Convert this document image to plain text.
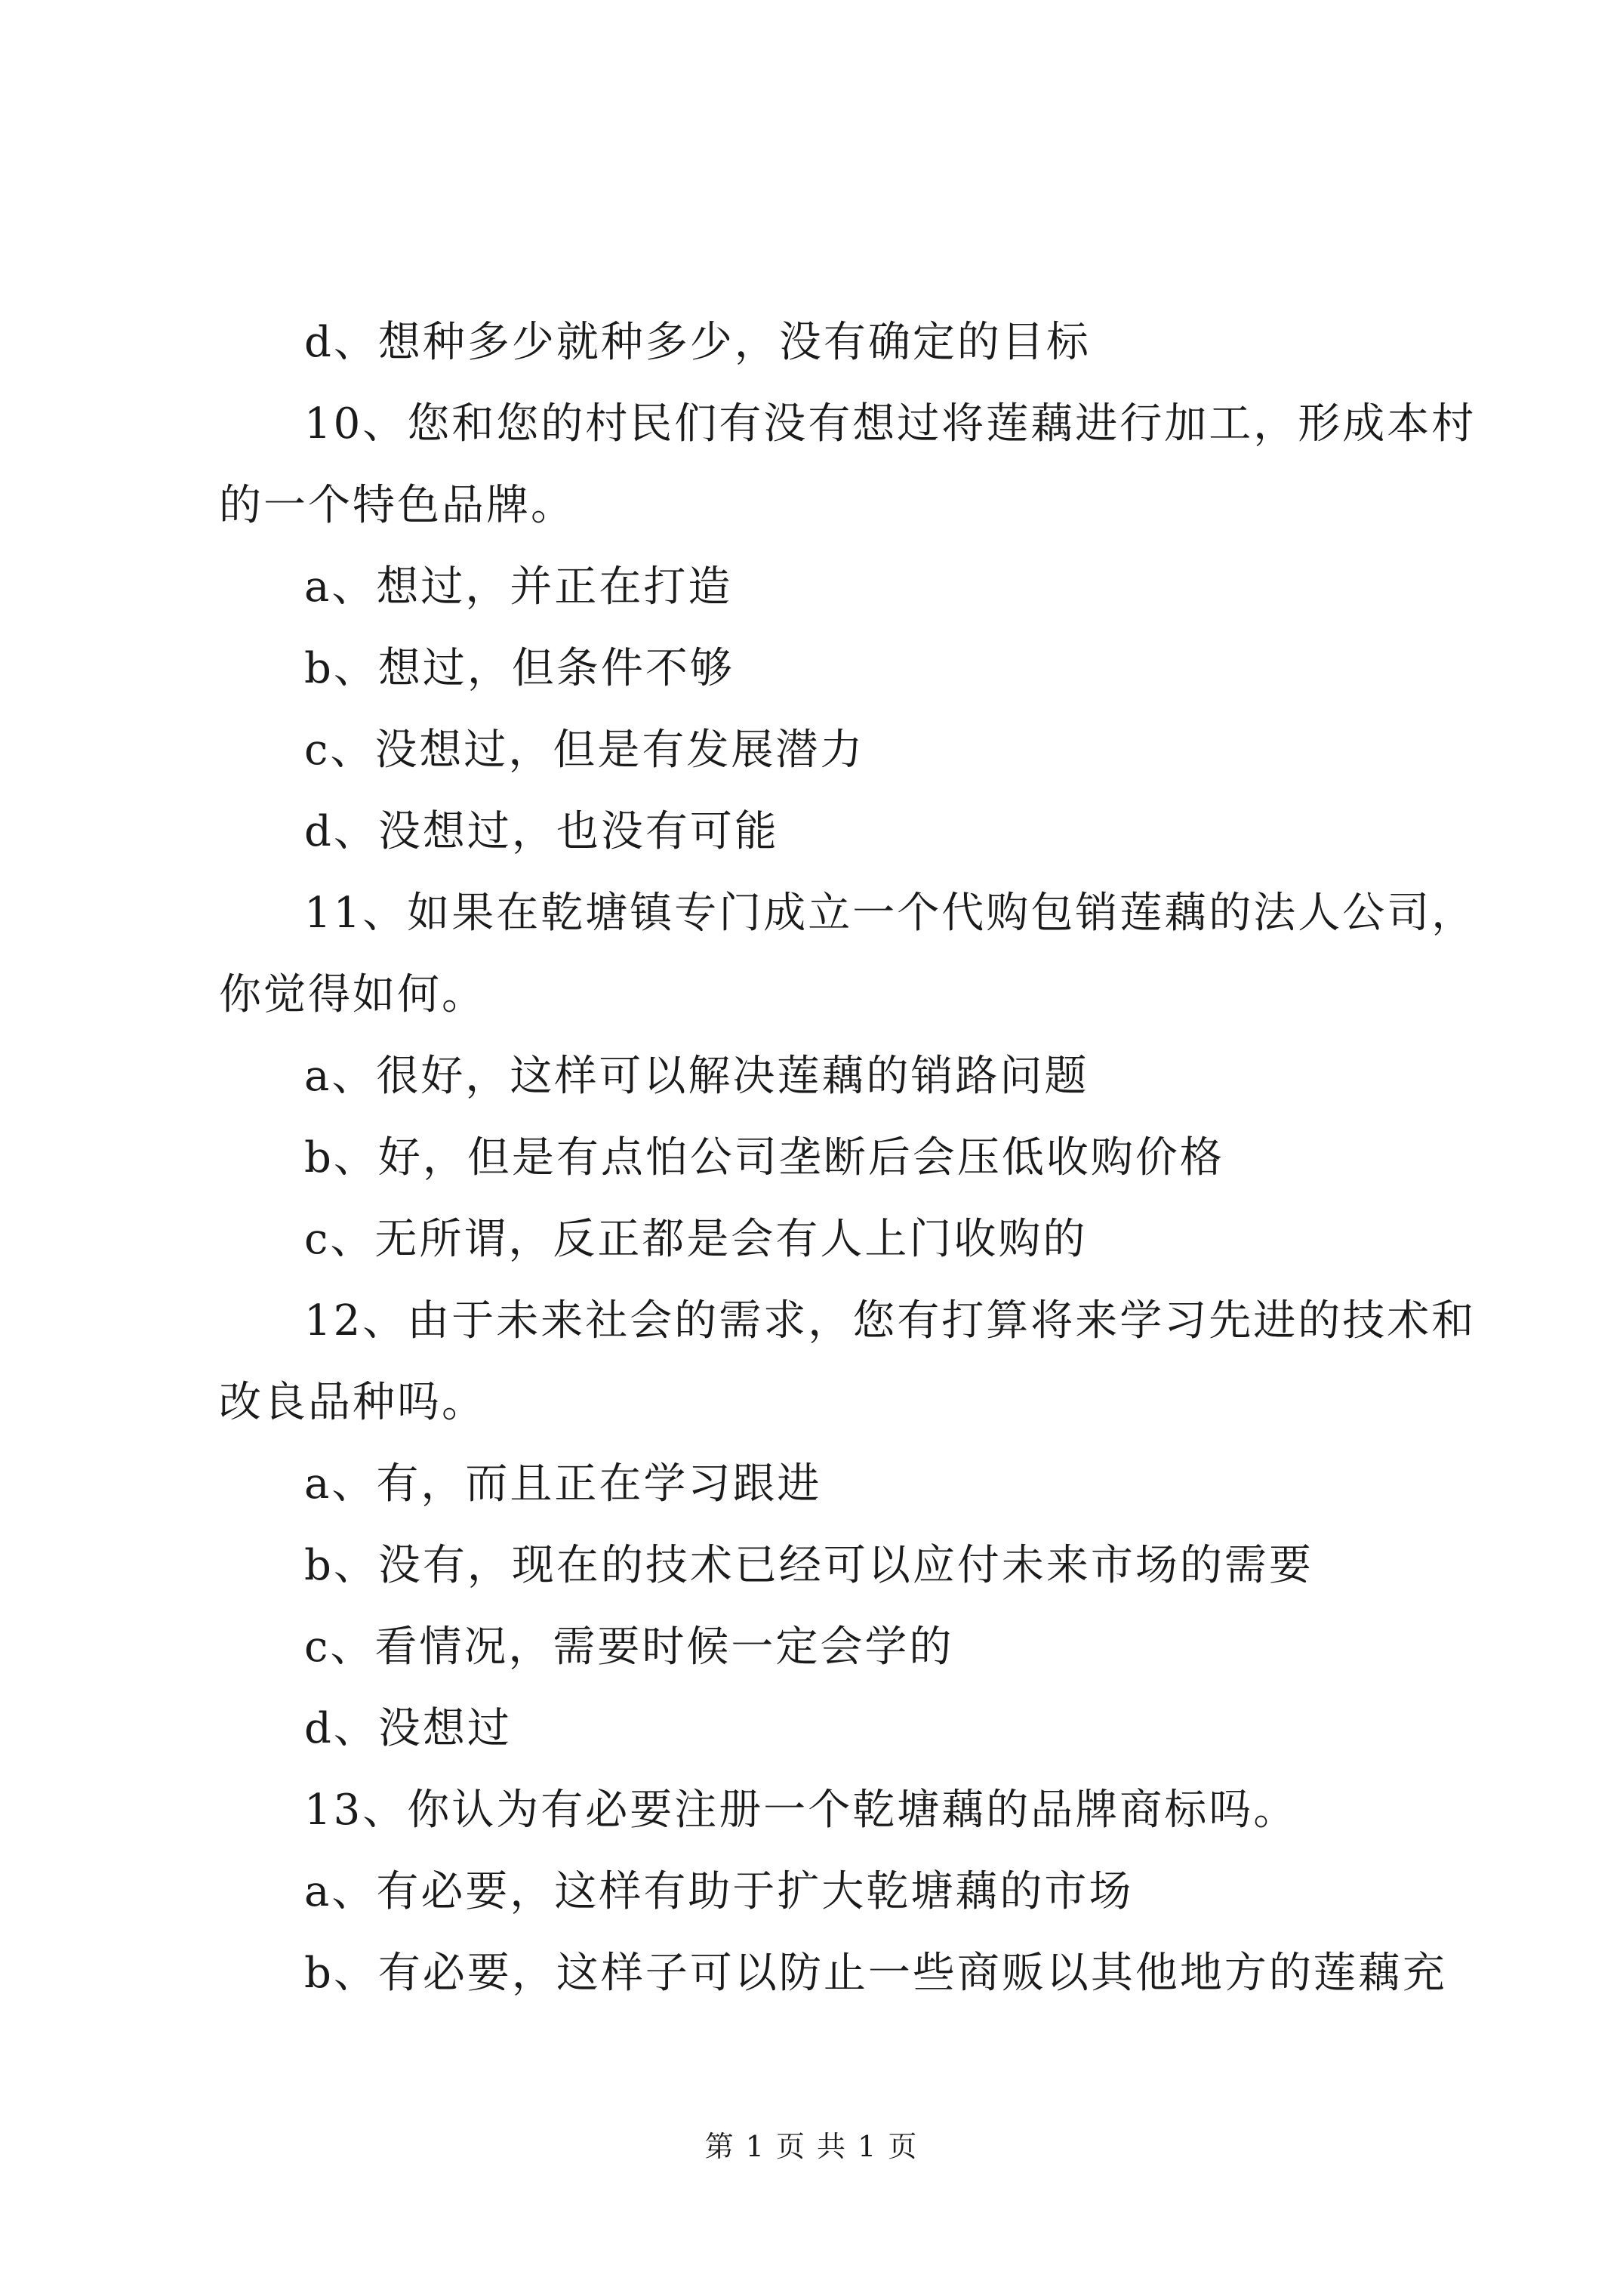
d、想种多少就种多少，没有确定的目标
10、您和您的村民们有没有想过将莲藕进行加工，形成本村
的一个特色品牌。
a、想过，并正在打造
b、想过，但条件不够
c、没想过，但是有发展潜力
d、没想过，也没有可能
11、如果在乾塘镇专门成立一个代购包销莲藕的法人公司，
你觉得如何。
a、很好，这样可以解决莲藕的销路问题
b、好，但是有点怕公司垄断后会压低收购价格
c、无所谓，反正都是会有人上门收购的
12、由于未来社会的需求，您有打算将来学习先进的技术和
改良品种吗。
a、有，而且正在学习跟进
b、没有，现在的技术已经可以应付未来市场的需要
c、看情况，需要时候一定会学的
d、没想过
13、你认为有必要注册一个乾塘藕的品牌商标吗。
a、有必要，这样有助于扩大乾塘藕的市场
b、有必要，这样子可以防止一些商贩以其他地方的莲藕充
第 1 页 共 1 页
